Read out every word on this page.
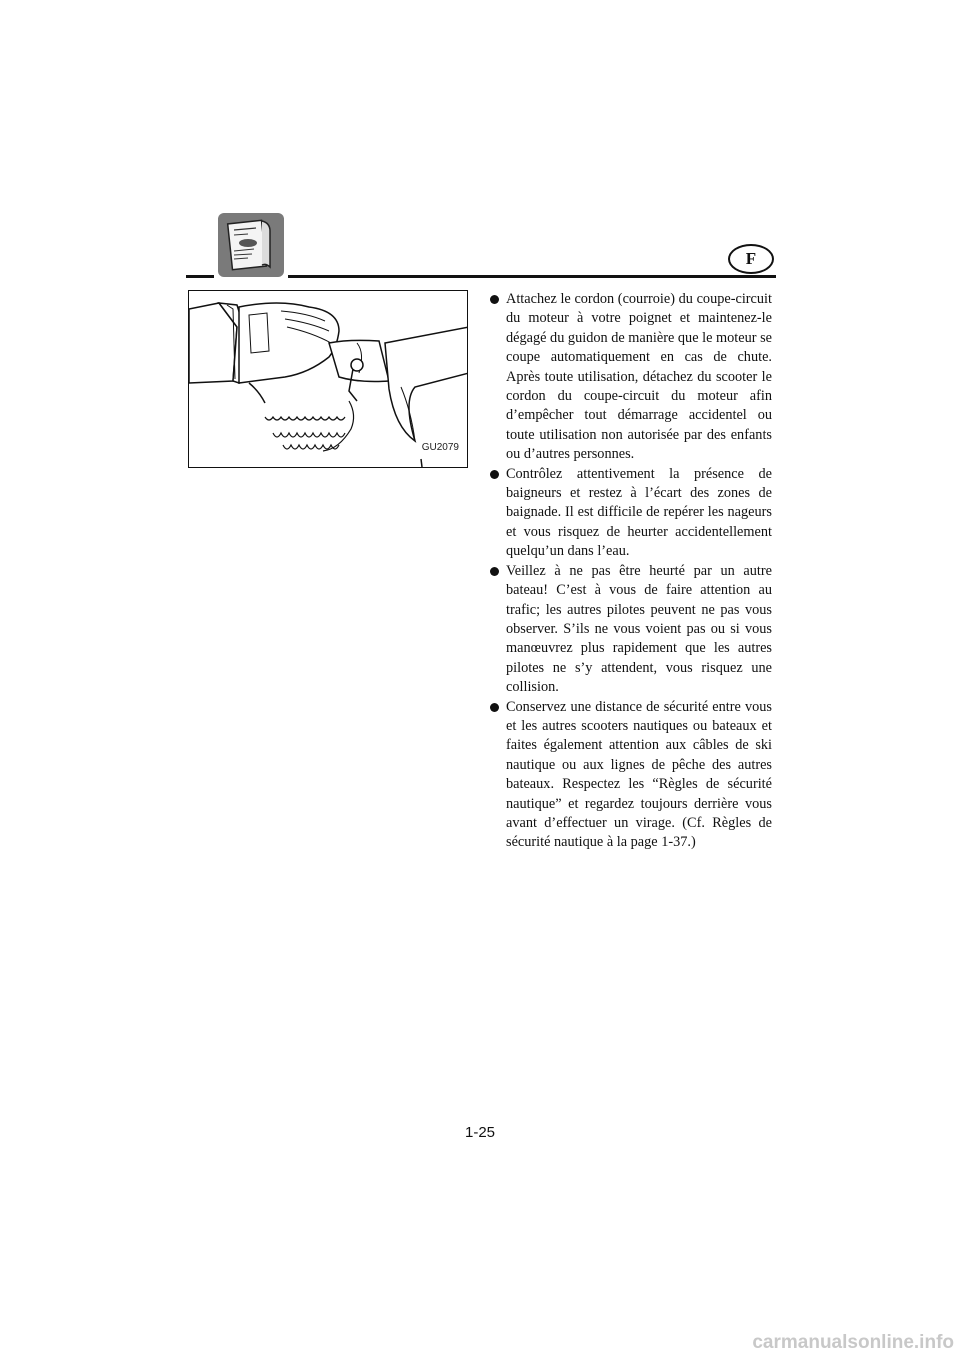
F
GU2079
Attachez le cordon (courroie) du coupe-circuit du moteur à votre poignet et maintenez-le dégagé du guidon de manière que le moteur se coupe automatiquement en cas de chute. Après toute utilisation, détachez du scooter le cordon du coupe-circuit du moteur afin d’empêcher tout démarrage accidentel ou toute utilisation non autorisée par des enfants ou d’autres personnes.
Contrôlez attentivement la présence de baigneurs et restez à l’écart des zones de baignade. Il est difficile de repérer les nageurs et vous risquez de heurter accidentellement quelqu’un dans l’eau.
Veillez à ne pas être heurté par un autre bateau! C’est à vous de faire attention au trafic; les autres pilotes peuvent ne pas vous observer. S’ils ne vous voient pas ou si vous manœuvrez plus rapidement que les autres pilotes ne s’y attendent, vous risquez une collision.
Conservez une distance de sécurité entre vous et les autres scooters nautiques ou bateaux et faites également attention aux câbles de ski nautique ou aux lignes de pêche des autres bateaux. Respectez les “Règles de sécurité nautique” et regardez toujours derrière vous avant d’effectuer un virage. (Cf. Règles de sécurité nautique à la page 1-37.)
1-25
carmanualsonline.info
